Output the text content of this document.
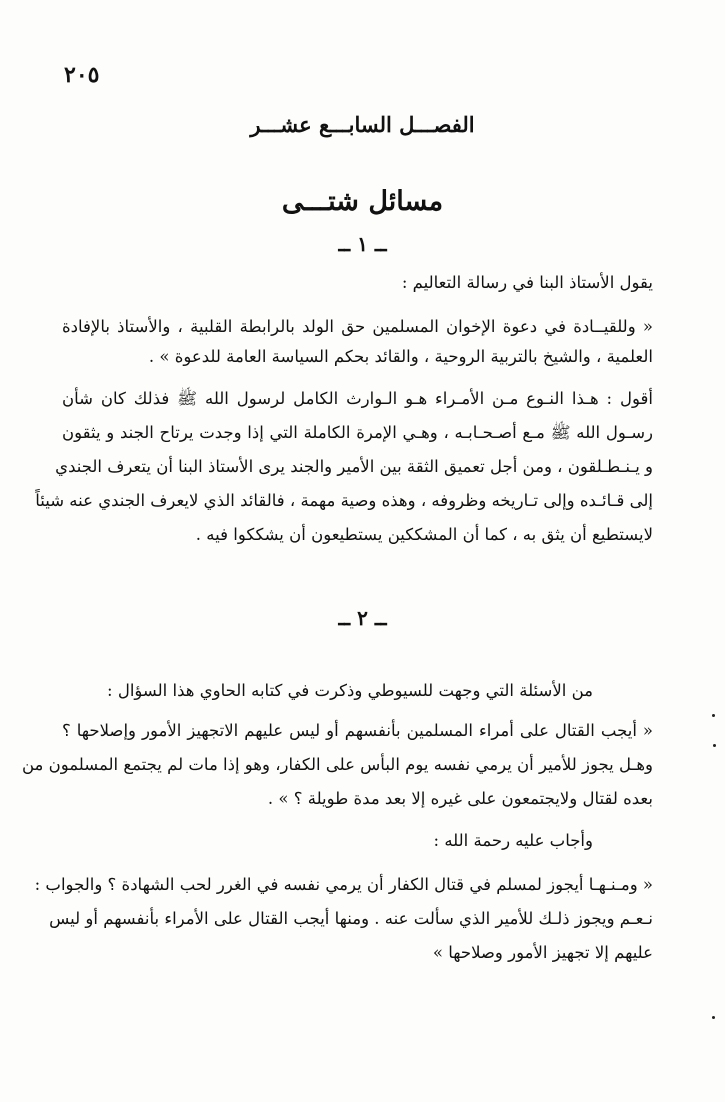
٢٠٥
الفصـــل السابـــع عشـــر
مسائل شتـــى
ــ ١ ــ
يقول الأستاذ البنا في رسالة التعاليم :
« وللقيــادة في دعوة الإخوان المسلمين حق الولد بالرابطة القلبية ، والأستاذ بالإفادة
العلمية ، والشيخ بالتربية الروحية ، والقائد بحكم السياسة العامة للدعوة » .
أقول : هـذا النـوع مـن الأمـراء هـو الـوارث الكامل لرسول الله ﷺ فذلك كان شأن
رسـول الله ﷺ مـع أصـحـابـه ، وهـي الإمرة الكاملة التي إذا وجدت يرتاح الجند و يثقون
و يـنـطـلقون ، ومن أجل تعميق الثقة بين الأمير والجند يرى الأستاذ البنا أن يتعرف الجندي
إلى قـائـده وإلى تـاريخه وظروفه ، وهذه وصية مهمة ، فالقائد الذي لايعرف الجندي عنه شيئاً
لايستطيع أن يثق به ، كما أن المشككين يستطيعون أن يشككوا فيه .
ــ ٢ ــ
من الأسئلة التي وجهت للسيوطي وذكرت في كتابه الحاوي هذا السؤال :
« أيجب القتال على أمراء المسلمين بأنفسهم أو ليس عليهم الاتجهيز الأمور وإصلاحها ؟
وهـل يجوز للأمير أن يرمي نفسه يوم البأس على الكفار، وهو إذا مات لم يجتمع المسلمون من
بعده لقتال ولايجتمعون على غيره إلا بعد مدة طويلة ؟ » .
وأجاب عليه رحمة الله :
« ومـنـهـا أيجوز لمسلم في قتال الكفار أن يرمي نفسه في الغرر لحب الشهادة ؟ والجواب :
نـعـم ويجوز ذلـك للأمير الذي سألت عنه . ومنها أيجب القتال على الأمراء بأنفسهم أو ليس
عليهم إلا تجهيز الأمور وصلاحها »
